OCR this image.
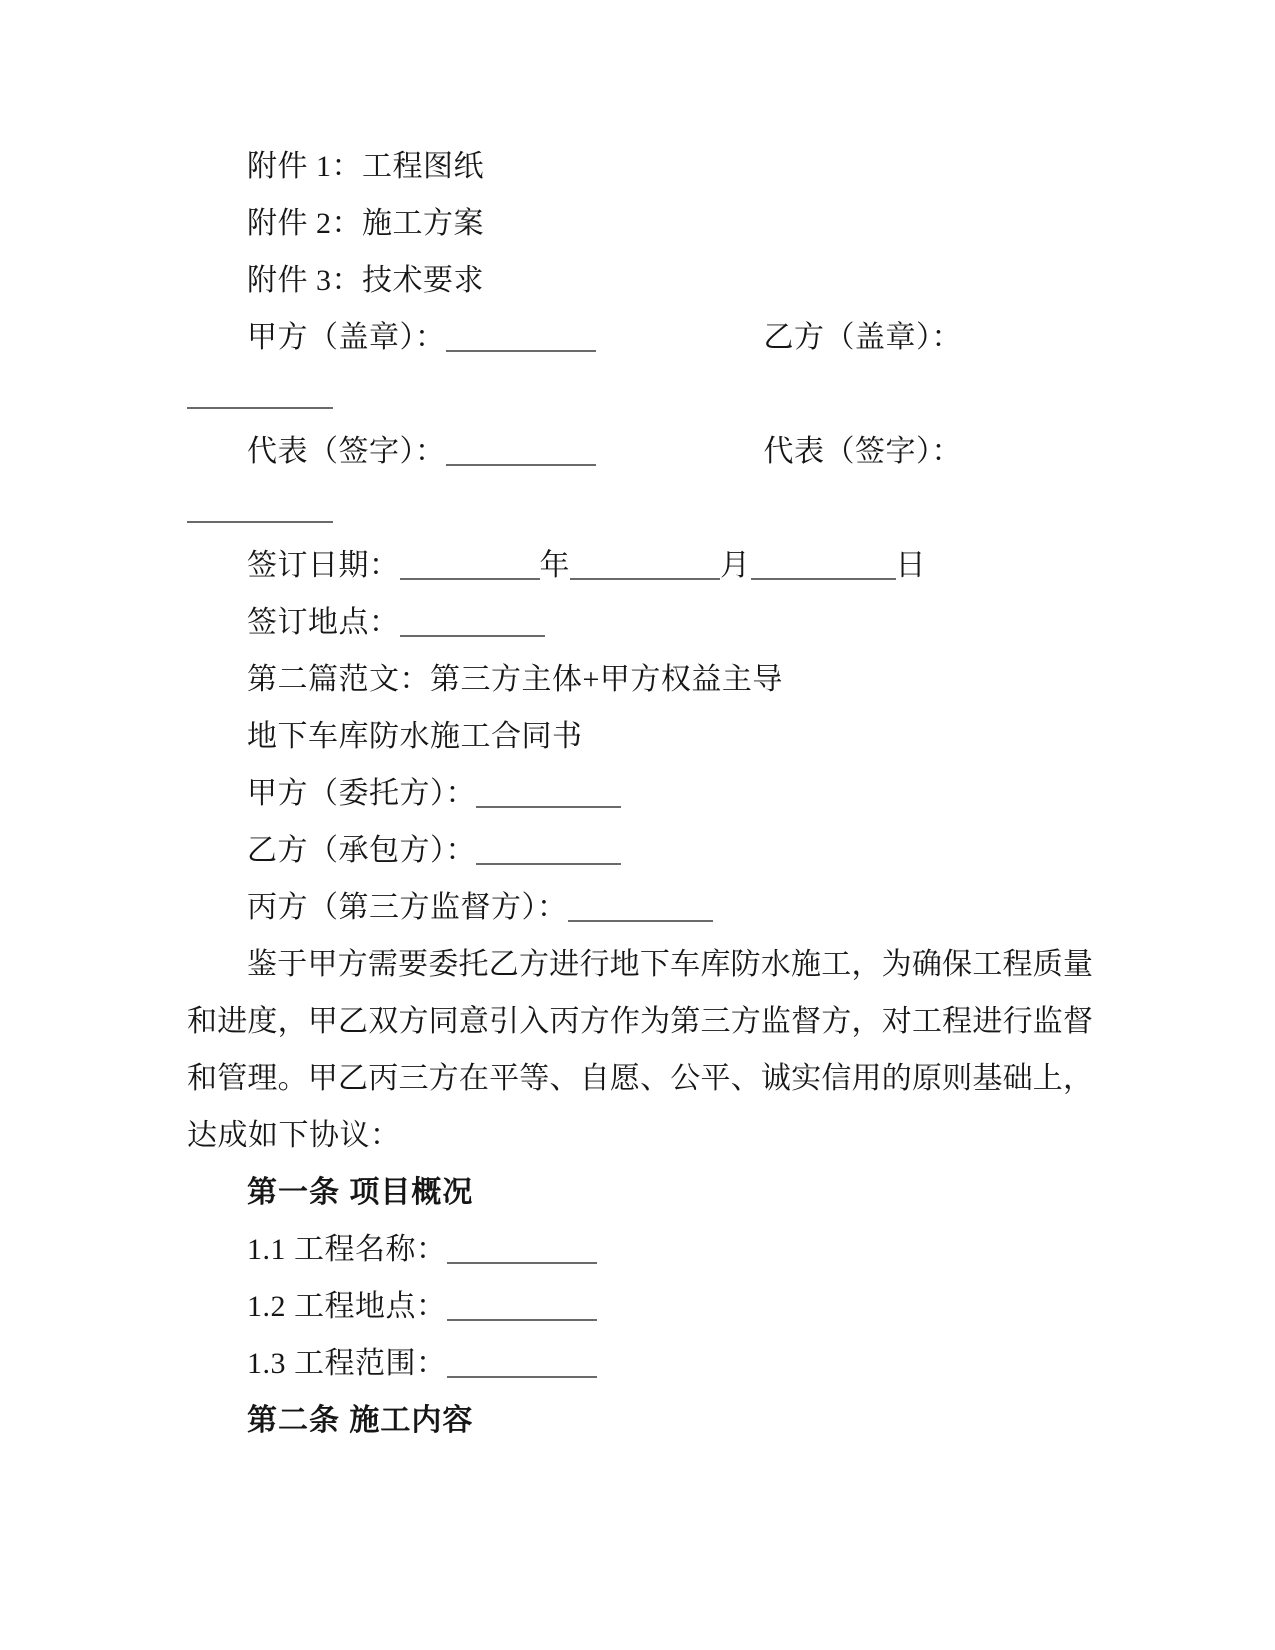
附件 1：工程图纸
附件 2：施工方案
附件 3：技术要求
甲方（盖章）：	乙方（盖章）：
代表（签字）：	代表（签字）：
签订日期：	年	月	日
签订地点：
第二篇范文：第三方主体+甲方权益主导
地下车库防水施工合同书
甲方（委托方）：
乙方（承包方）：
丙方（第三方监督方）：
鉴于甲方需要委托乙方进行地下车库防水施工，为确保工程质量
和进度，甲乙双方同意引入丙方作为第三方监督方，对工程进行监督
和管理。甲乙丙三方在平等、自愿、公平、诚实信用的原则基础上，
达成如下协议：
第一条 项目概况
1.1 工程名称：
1.2 工程地点：
1.3 工程范围：
第二条 施工内容
